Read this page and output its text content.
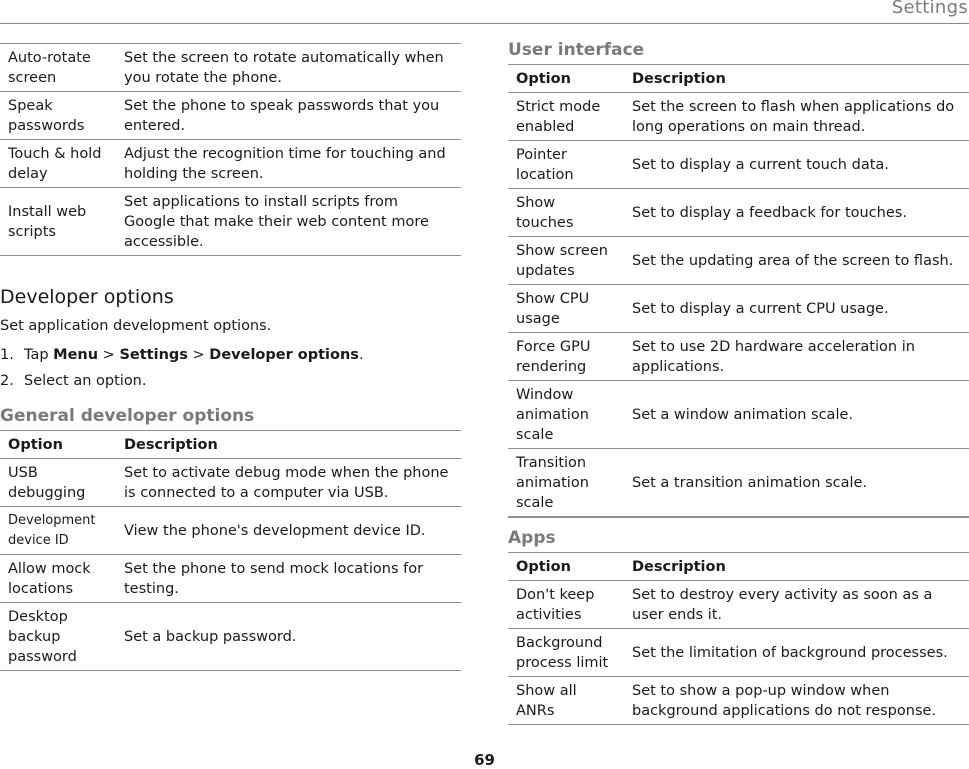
Settings
Auto-rotate screen	Set the screen to rotate automatically when you rotate the phone.
Speak passwords	Set the phone to speak passwords that you entered.
Touch & hold delay	Adjust the recognition time for touching and holding the screen.
Install web scripts	Set applications to install scripts from Google that make their web content more accessible.
Developer options
Set application development options.
1. Tap Menu > Settings > Developer options.
2. Select an option.
General developer options
Option	Description
USB debugging	Set to activate debug mode when the phone is connected to a computer via USB.
Development device ID	View the phone's development device ID.
Allow mock locations	Set the phone to send mock locations for testing.
Desktop backup password	Set a backup password.
User interface
Option	Description
Strict mode enabled	Set the screen to flash when applications do long operations on main thread.
Pointer location	Set to display a current touch data.
Show touches	Set to display a feedback for touches.
Show screen updates	Set the updating area of the screen to flash.
Show CPU usage	Set to display a current CPU usage.
Force GPU rendering	Set to use 2D hardware acceleration in applications.
Window animation scale	Set a window animation scale.
Transition animation scale	Set a transition animation scale.
Apps
Option	Description
Don't keep activities	Set to destroy every activity as soon as a user ends it.
Background process limit	Set the limitation of background processes.
Show all ANRs	Set to show a pop-up window when background applications do not response.
69
